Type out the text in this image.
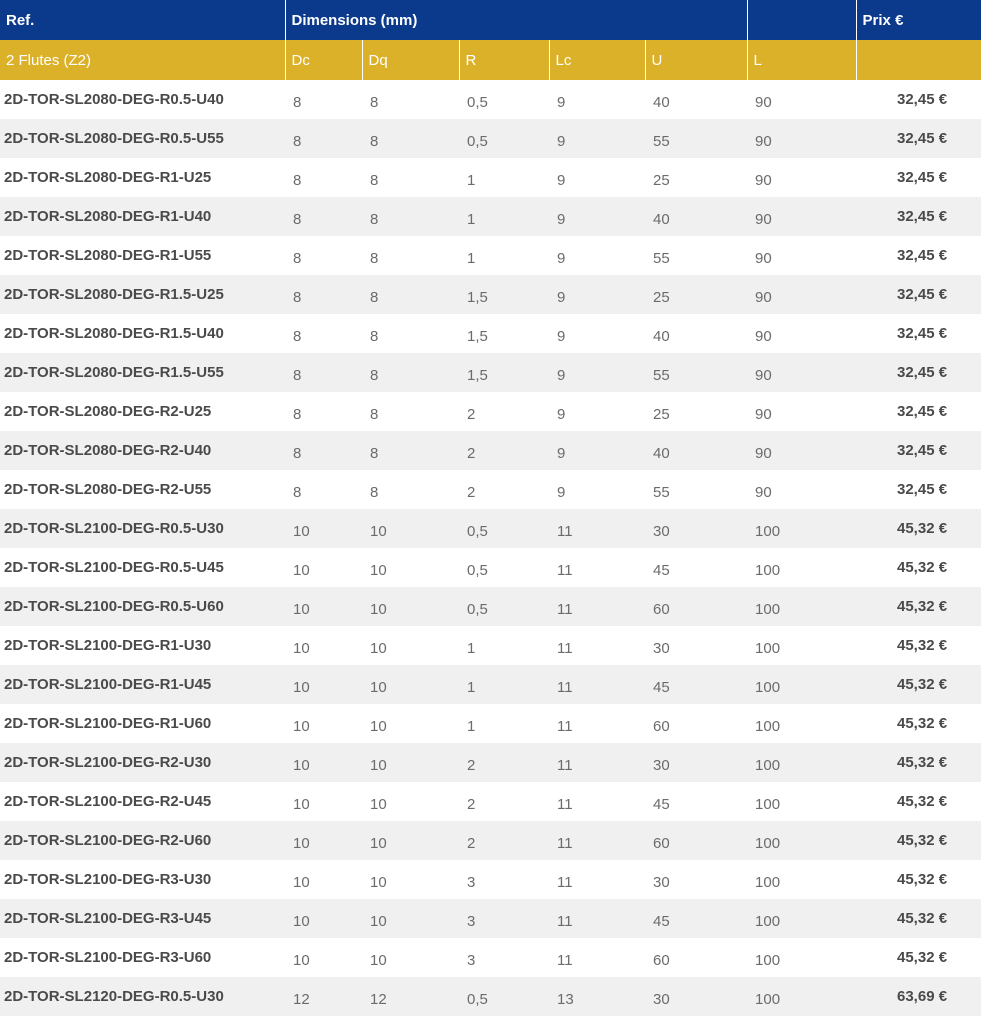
Ref.	Dimensions (mm)						Prix €
2 Flutes (Z2)	Dc	Dq	R	Lc	U	L	
2D-TOR-SL2080-DEG-R0.5-U40	8	8	0,5	9	40	90	32,45 €
2D-TOR-SL2080-DEG-R0.5-U55	8	8	0,5	9	55	90	32,45 €
2D-TOR-SL2080-DEG-R1-U25	8	8	1	9	25	90	32,45 €
2D-TOR-SL2080-DEG-R1-U40	8	8	1	9	40	90	32,45 €
2D-TOR-SL2080-DEG-R1-U55	8	8	1	9	55	90	32,45 €
2D-TOR-SL2080-DEG-R1.5-U25	8	8	1,5	9	25	90	32,45 €
2D-TOR-SL2080-DEG-R1.5-U40	8	8	1,5	9	40	90	32,45 €
2D-TOR-SL2080-DEG-R1.5-U55	8	8	1,5	9	55	90	32,45 €
2D-TOR-SL2080-DEG-R2-U25	8	8	2	9	25	90	32,45 €
2D-TOR-SL2080-DEG-R2-U40	8	8	2	9	40	90	32,45 €
2D-TOR-SL2080-DEG-R2-U55	8	8	2	9	55	90	32,45 €
2D-TOR-SL2100-DEG-R0.5-U30	10	10	0,5	11	30	100	45,32 €
2D-TOR-SL2100-DEG-R0.5-U45	10	10	0,5	11	45	100	45,32 €
2D-TOR-SL2100-DEG-R0.5-U60	10	10	0,5	11	60	100	45,32 €
2D-TOR-SL2100-DEG-R1-U30	10	10	1	11	30	100	45,32 €
2D-TOR-SL2100-DEG-R1-U45	10	10	1	11	45	100	45,32 €
2D-TOR-SL2100-DEG-R1-U60	10	10	1	11	60	100	45,32 €
2D-TOR-SL2100-DEG-R2-U30	10	10	2	11	30	100	45,32 €
2D-TOR-SL2100-DEG-R2-U45	10	10	2	11	45	100	45,32 €
2D-TOR-SL2100-DEG-R2-U60	10	10	2	11	60	100	45,32 €
2D-TOR-SL2100-DEG-R3-U30	10	10	3	11	30	100	45,32 €
2D-TOR-SL2100-DEG-R3-U45	10	10	3	11	45	100	45,32 €
2D-TOR-SL2100-DEG-R3-U60	10	10	3	11	60	100	45,32 €
2D-TOR-SL2120-DEG-R0.5-U30	12	12	0,5	13	30	100	63,69 €
